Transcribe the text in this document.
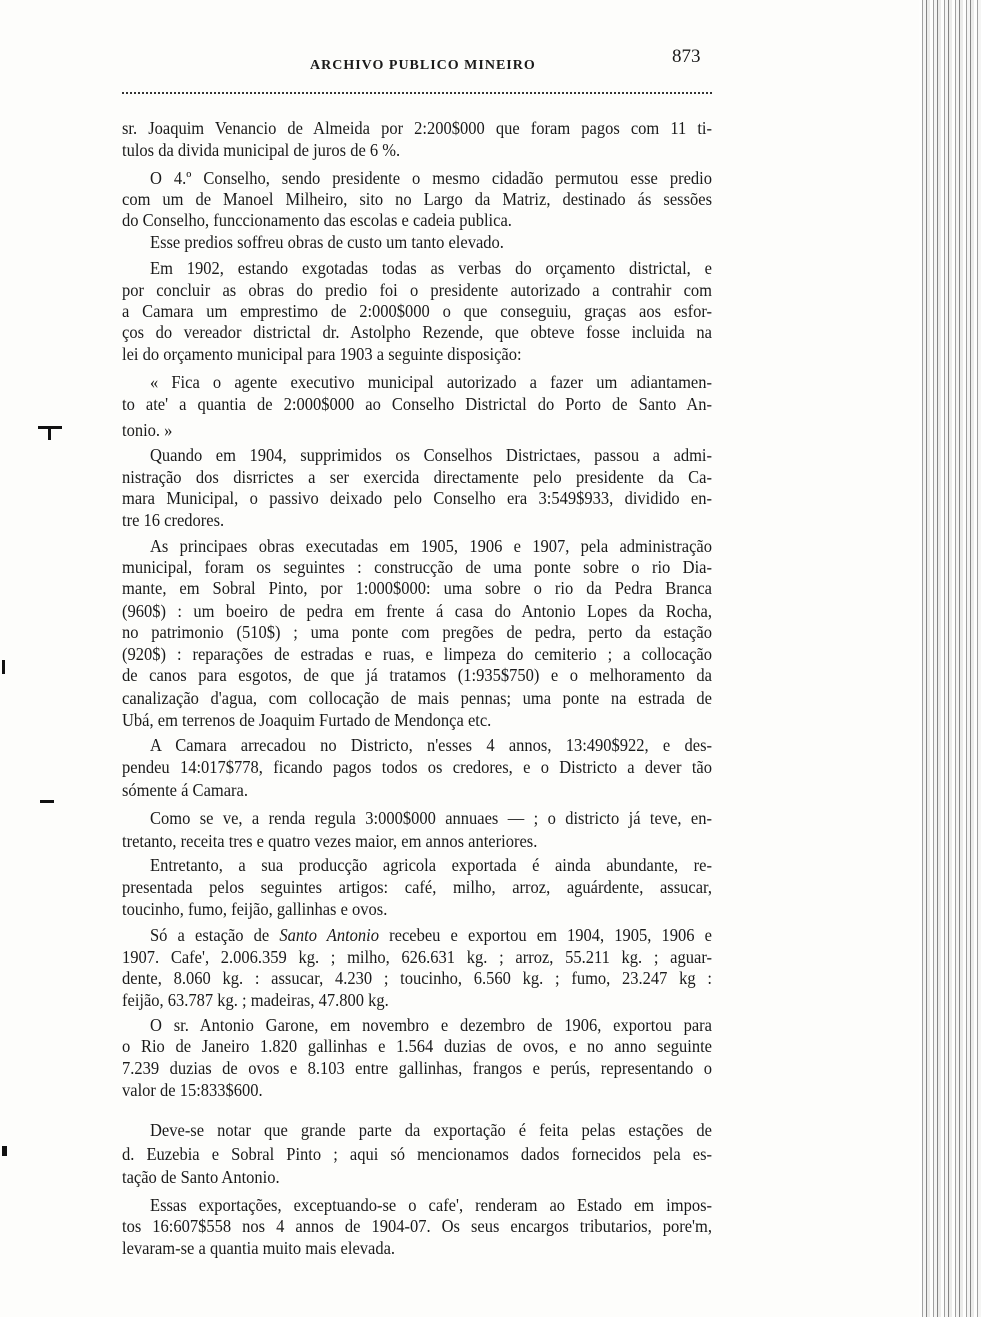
ARCHIVO PUBLICO MINEIRO	873
sr. Joaquim Venancio de Almeida por 2:200$000 que foram pagos com 11 ti-
tulos da divida municipal de juros de 6 %.
O 4.º Conselho, sendo presidente o mesmo cidadão permutou esse predio
com um de Manoel Milheiro, sito no Largo da Matriz, destinado ás sessões
do Conselho, funccionamento das escolas e cadeia publica.
Esse predios soffreu obras de custo um tanto elevado.
Em 1902, estando exgotadas todas as verbas do orçamento districtal, e
por concluir as obras do predio foi o presidente autorizado a contrahir com
a Camara um emprestimo de 2:000$000 o que conseguiu, graças aos esfor-
ços do vereador districtal dr. Astolpho Rezende, que obteve fosse incluida na
lei do orçamento municipal para 1903 a seguinte disposição:
« Fica o agente executivo municipal autorizado a fazer um adiantamen-
to ate' a quantia de 2:000$000 ao Conselho Districtal do Porto de Santo An-
tonio. »
Quando em 1904, supprimidos os Conselhos Districtaes, passou a admi-
nistração dos disrrictes a ser exercida directamente pelo presidente da Ca-
mara Municipal, o passivo deixado pelo Conselho era 3:549$933, dividido en-
tre 16 credores.
As principaes obras executadas em 1905, 1906 e 1907, pela administração
municipal, foram os seguintes : construcção de uma ponte sobre o rio Dia-
mante, em Sobral Pinto, por 1:000$000: uma sobre o rio da Pedra Branca
(960$) : um boeiro de pedra em frente á casa do Antonio Lopes da Rocha,
no patrimonio (510$) ; uma ponte com pregões de pedra, perto da estação
(920$) : reparações de estradas e ruas, e limpeza do cemiterio ; a collocação
de canos para esgotos, de que já tratamos (1:935$750) e o melhoramento da
canalização d'agua, com collocação de mais pennas; uma ponte na estrada de
Ubá, em terrenos de Joaquim Furtado de Mendonça etc.
A Camara arrecadou no Districto, n'esses 4 annos, 13:490$922, e des-
pendeu 14:017$778, ficando pagos todos os credores, e o Districto a dever tão
sómente á Camara.
Como se ve, a renda regula 3:000$000 annuaes — ; o districto já teve, en-
tretanto, receita tres e quatro vezes maior, em annos anteriores.
Entretanto, a sua producção agricola exportada é ainda abundante, re-
presentada pelos seguintes artigos: café, milho, arroz, aguárdente, assucar,
toucinho, fumo, feijão, gallinhas e ovos.
Só a estação de Santo Antonio recebeu e exportou em 1904, 1905, 1906 e
1907. Cafe', 2.006.359 kg. ; milho, 626.631 kg. ; arroz, 55.211 kg. ; aguar-
dente, 8.060 kg. : assucar, 4.230 ; toucinho, 6.560 kg. ; fumo, 23.247 kg :
feijão, 63.787 kg. ; madeiras, 47.800 kg.
O sr. Antonio Garone, em novembro e dezembro de 1906, exportou para
o Rio de Janeiro 1.820 gallinhas e 1.564 duzias de ovos, e no anno seguinte
7.239 duzias de ovos e 8.103 entre gallinhas, frangos e perús, representando o
valor de 15:833$600.
Deve-se notar que grande parte da exportação é feita pelas estações de
d. Euzebia e Sobral Pinto ; aqui só mencionamos dados fornecidos pela es-
tação de Santo Antonio.
Essas exportações, exceptuando-se o cafe', renderam ao Estado em impos-
tos 16:607$558 nos 4 annos de 1904-07. Os seus encargos tributarios, pore'm,
levaram-se a quantia muito mais elevada.
